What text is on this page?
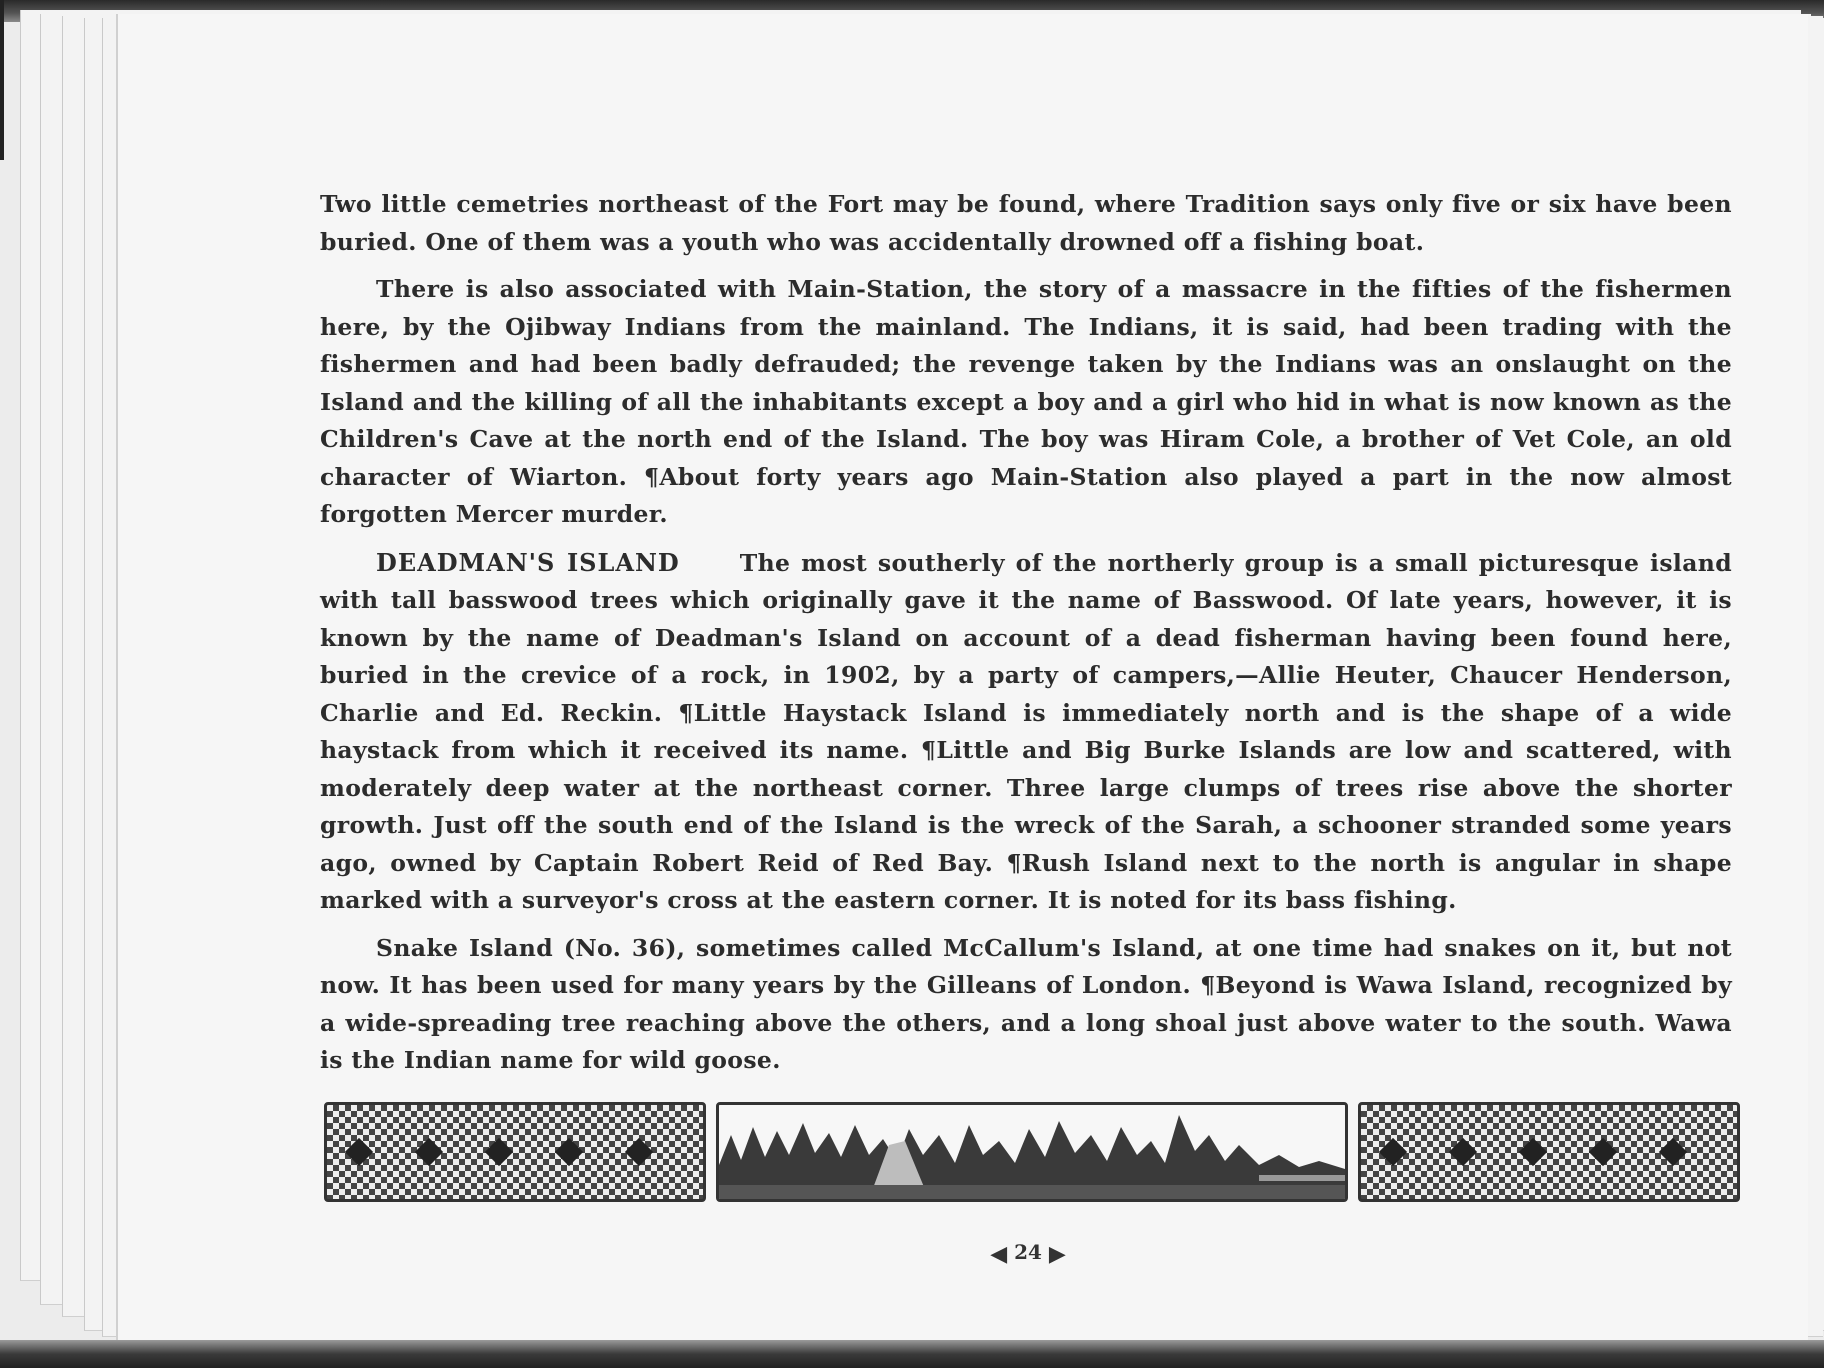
Two little cemetries northeast of the Fort may be found, where Tradition says only five or six have been buried. One of them was a youth who was accidentally drowned off a fishing boat.

There is also associated with Main-Station, the story of a massacre in the fifties of the fishermen here, by the Ojibway Indians from the mainland. The Indians, it is said, had been trading with the fishermen and had been badly defrauded; the revenge taken by the Indians was an onslaught on the Island and the killing of all the inhabitants except a boy and a girl who hid in what is now known as the Children's Cave at the north end of the Island. The boy was Hiram Cole, a brother of Vet Cole, an old character of Wiarton. ¶About forty years ago Main-Station also played a part in the now almost forgotten Mercer murder.

DEADMAN'S ISLAND	The most southerly of the northerly group is a small picturesque island with tall basswood trees which originally gave it the name of Basswood. Of late years, however, it is known by the name of Deadman's Island on account of a dead fisherman having been found here, buried in the crevice of a rock, in 1902, by a party of campers,—Allie Heuter, Chaucer Henderson, Charlie and Ed. Reckin. ¶Little Haystack Island is immediately north and is the shape of a wide haystack from which it received its name. ¶Little and Big Burke Islands are low and scattered, with moderately deep water at the northeast corner. Three large clumps of trees rise above the shorter growth. Just off the south end of the Island is the wreck of the Sarah, a schooner stranded some years ago, owned by Captain Robert Reid of Red Bay. ¶Rush Island next to the north is angular in shape marked with a surveyor's cross at the eastern corner. It is noted for its bass fishing.

Snake Island (No. 36), sometimes called McCallum's Island, at one time had snakes on it, but not now. It has been used for many years by the Gilleans of London. ¶Beyond is Wawa Island, recognized by a wide-spreading tree reaching above the others, and a long shoal just above water to the south. Wawa is the Indian name for wild goose.

◀ 24 ▶
